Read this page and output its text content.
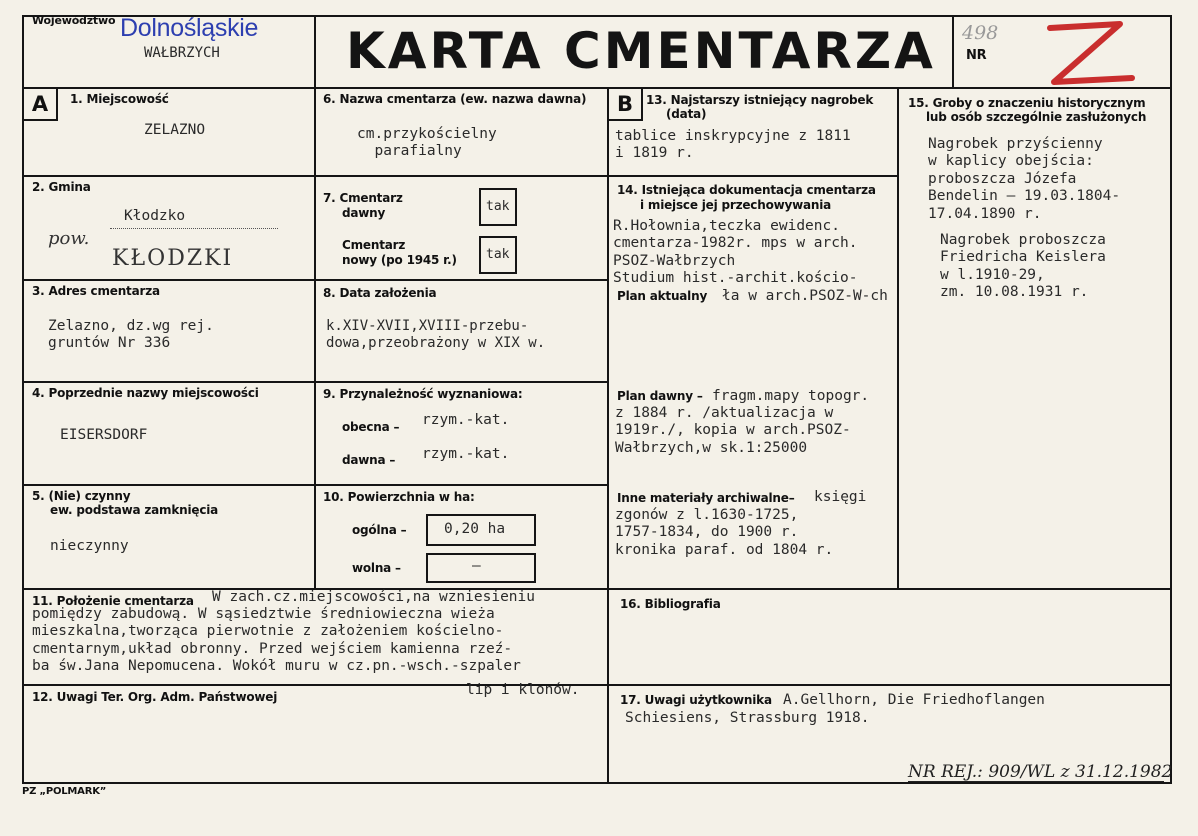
Województwo Dolnośląskie
WAŁBRZYCH	KARTA CMENTARZA 498
NR
A	B
1. Miejscowość
ZELAZNO
2. Gmina
Kłodzko
pow.
KŁODZKI
3. Adres cmentarza
Zelazno, dz.wg rej.
gruntów Nr 336
4. Poprzednie nazwy miejscowości
EISERSDORF
5. (Nie) czynny
ew. podstawa zamknięcia
nieczynny
6. Nazwa cmentarza (ew. nazwa dawna)
cm.przykościelny
parafialny
7. Cmentarz
dawny	tak
Cmentarz
nowy (po 1945 r.) tak
8. Data założenia
k.XIV-XVII,XVIII-przebu-
dowa,przeobrażony w XIX w.
9. Przynależność wyznaniowa:
obecna – rzym.-kat.
dawna – rzym.-kat.
10. Powierzchnia w ha:
ogólna –	0,20 ha
wolna –	–
13. Najstarszy istniejący nagrobek
(data)
tablice inskrypcyjne z 1811
i 1819 r.
14. Istniejąca dokumentacja cmentarza
i miejsce jej przechowywania
R.Hołownia,teczka ewidenc.
cmentarza-1982r. mps w arch.
PSOZ-Wałbrzych
Studium hist.-archit.kościo-
Plan aktualny ła w arch.PSOZ-W-ch
Plan dawny – fragm.mapy topogr.
z 1884 r. /aktualizacja w
1919r./, kopia w arch.PSOZ-
Wałbrzych,w sk.1:25000
Inne materiały archiwalne– księgi
zgonów z l.1630-1725,
1757-1834, do 1900 r.
kronika paraf. od 1804 r.
15. Groby o znaczeniu historycznym
lub osób szczególnie zasłużonych
Nagrobek przyścienny
w kaplicy obejścia:
proboszcza Józefa
Bendelin – 19.03.1804-
17.04.1890 r.
Nagrobek proboszcza
Friedricha Keislera
w l.1910-29,
zm. 10.08.1931 r.
11. Położenie cmentarza W zach.cz.miejscowości,na wzniesieniu
pomiędzy zabudową. W sąsiedztwie średniowieczna wieża
mieszkalna,tworząca pierwotnie z założeniem kościelno-
cmentarnym,układ obronny. Przed wejściem kamienna rzeź-
ba św.Jana Nepomucena. Wokół muru w cz.pn.-wsch.-szpaler
lip i klonów.
16. Bibliografia
12. Uwagi Ter. Org. Adm. Państwowej	17. Uwagi użytkownika A.Gellhorn, Die Friedhoflangen
Schiesiens, Strassburg 1918.
NR REJ.: 909/WL z 31.12.1982
PZ „POLMARK”
